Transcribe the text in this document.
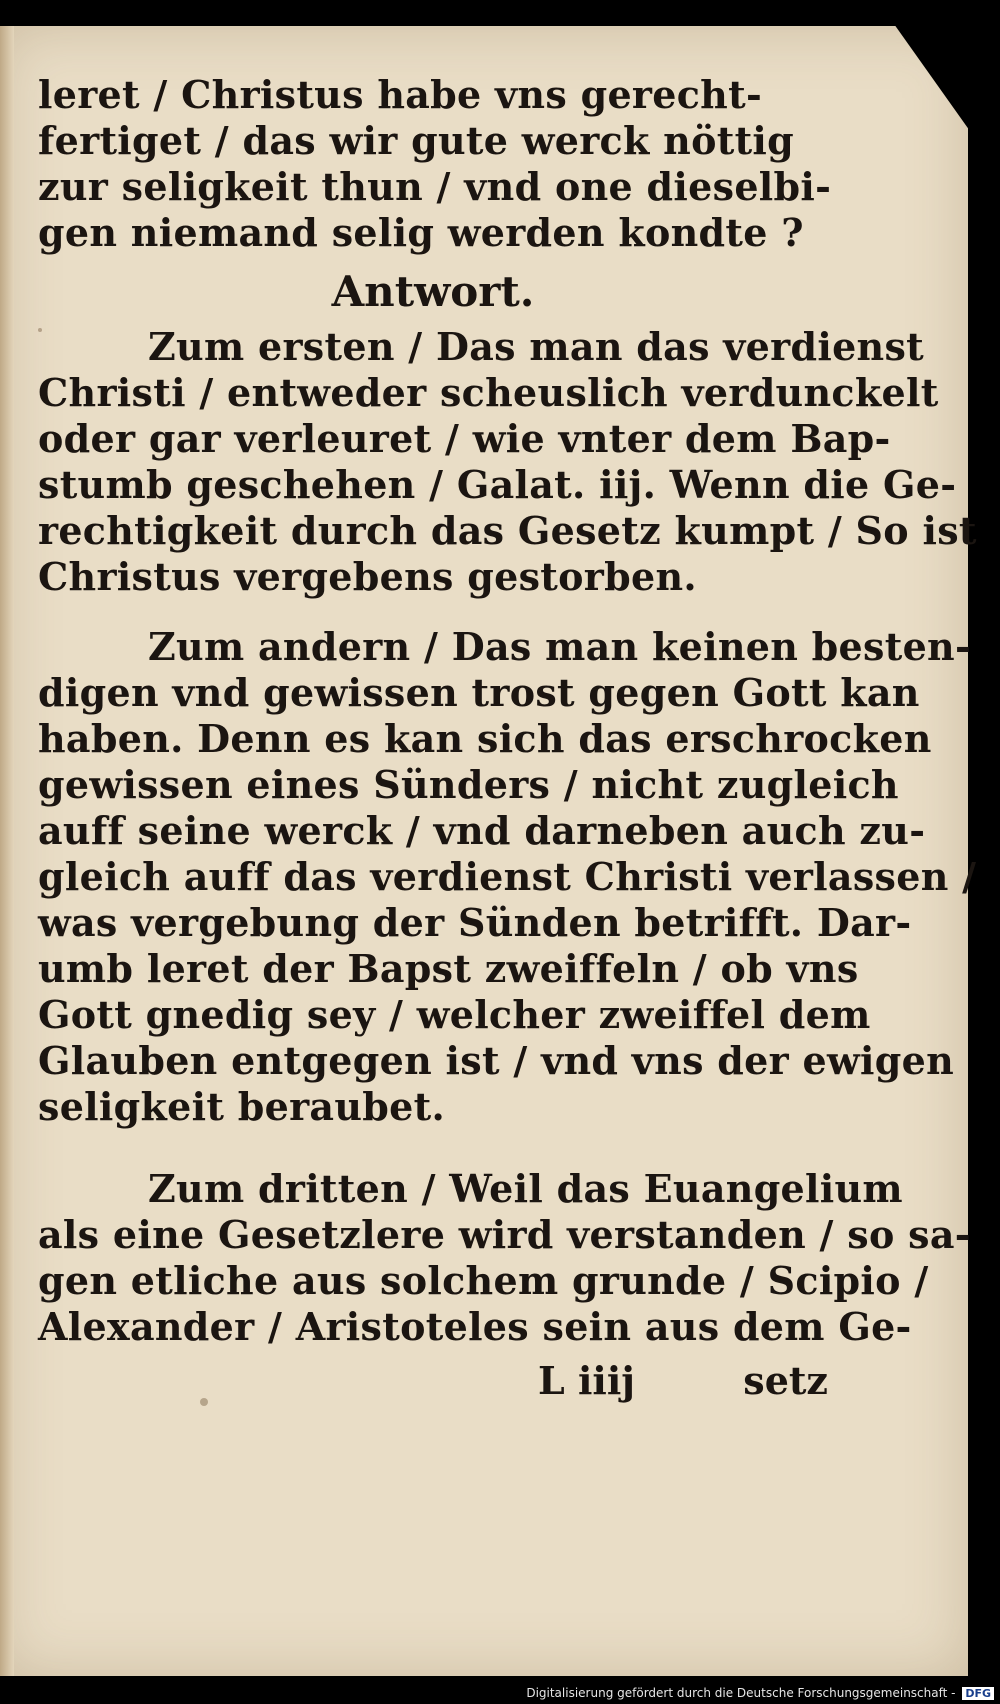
leret / Christus habe vns gerecht-
fertiget / das wir gute werck nöttig
zur seligkeit thun / vnd one dieselbi-
gen niemand selig werden kondte ?
Antwort.
Zum ersten / Das man das verdienst
Christi / entweder scheuslich verdunckelt
oder gar verleuret / wie vnter dem Bap-
stumb geschehen / Galat. iij. Wenn die Ge-
rechtigkeit durch das Gesetz kumpt / So ist
Christus vergebens gestorben.
Zum andern / Das man keinen besten-
digen vnd gewissen trost gegen Gott kan
haben. Denn es kan sich das erschrocken
gewissen eines Sünders / nicht zugleich
auff seine werck / vnd darneben auch zu-
gleich auff das verdienst Christi verlassen /
was vergebung der Sünden betrifft. Dar-
umb leret der Bapst zweiffeln / ob vns
Gott gnedig sey / welcher zweiffel dem
Glauben entgegen ist / vnd vns der ewigen
seligkeit beraubet.
Zum dritten / Weil das Euangelium
als eine Gesetzlere wird verstanden / so sa-
gen etliche aus solchem grunde / Scipio /
Alexander / Aristoteles sein aus dem Ge-
L iiij	setz
Digitalisierung gefördert durch die Deutsche Forschungsgemeinschaft - DFG
